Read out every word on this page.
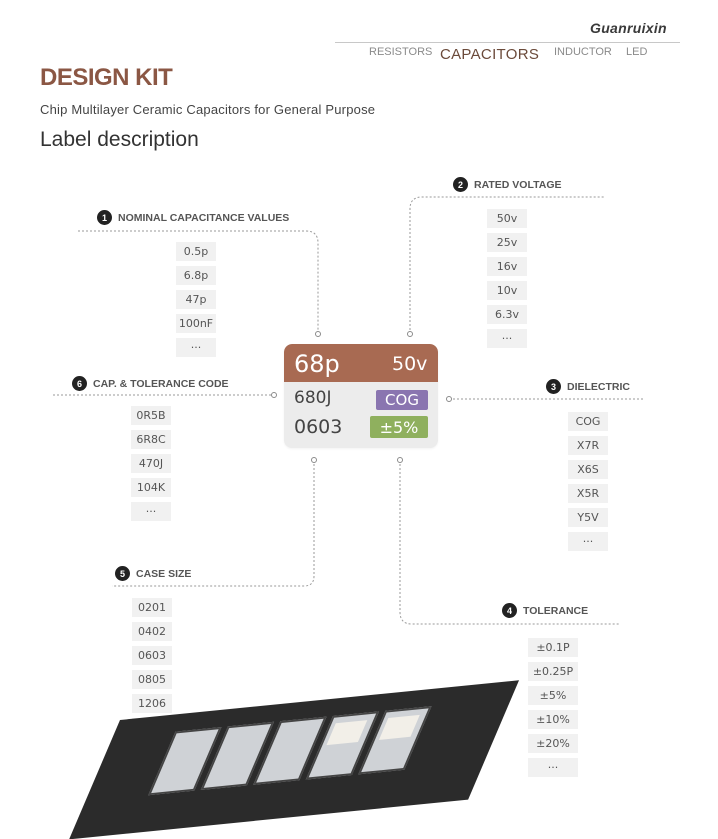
Guanruixin
RESISTORS CAPACITORS INDUCTOR LED
DESIGN KIT
Chip Multilayer Ceramic Capacitors for General Purpose
Label description
1	NOMINAL CAPACITANCE VALUES
0.5p
6.8p
47p
100nF
···
2	RATED VOLTAGE
50v
25v
16v
10v
6.3v
···
6	CAP. & TOLERANCE CODE
0R5B
6R8C
470J
104K
···
3	DIELECTRIC
COG
X7R
X6S
X5R
Y5V
···
5	CASE SIZE
0201
0402
0603
0805
1206
4	TOLERANCE
±0.1P
±0.25P
±5%
±10%
±20%
···
68p	50v
680J	COG
0603	±5%
